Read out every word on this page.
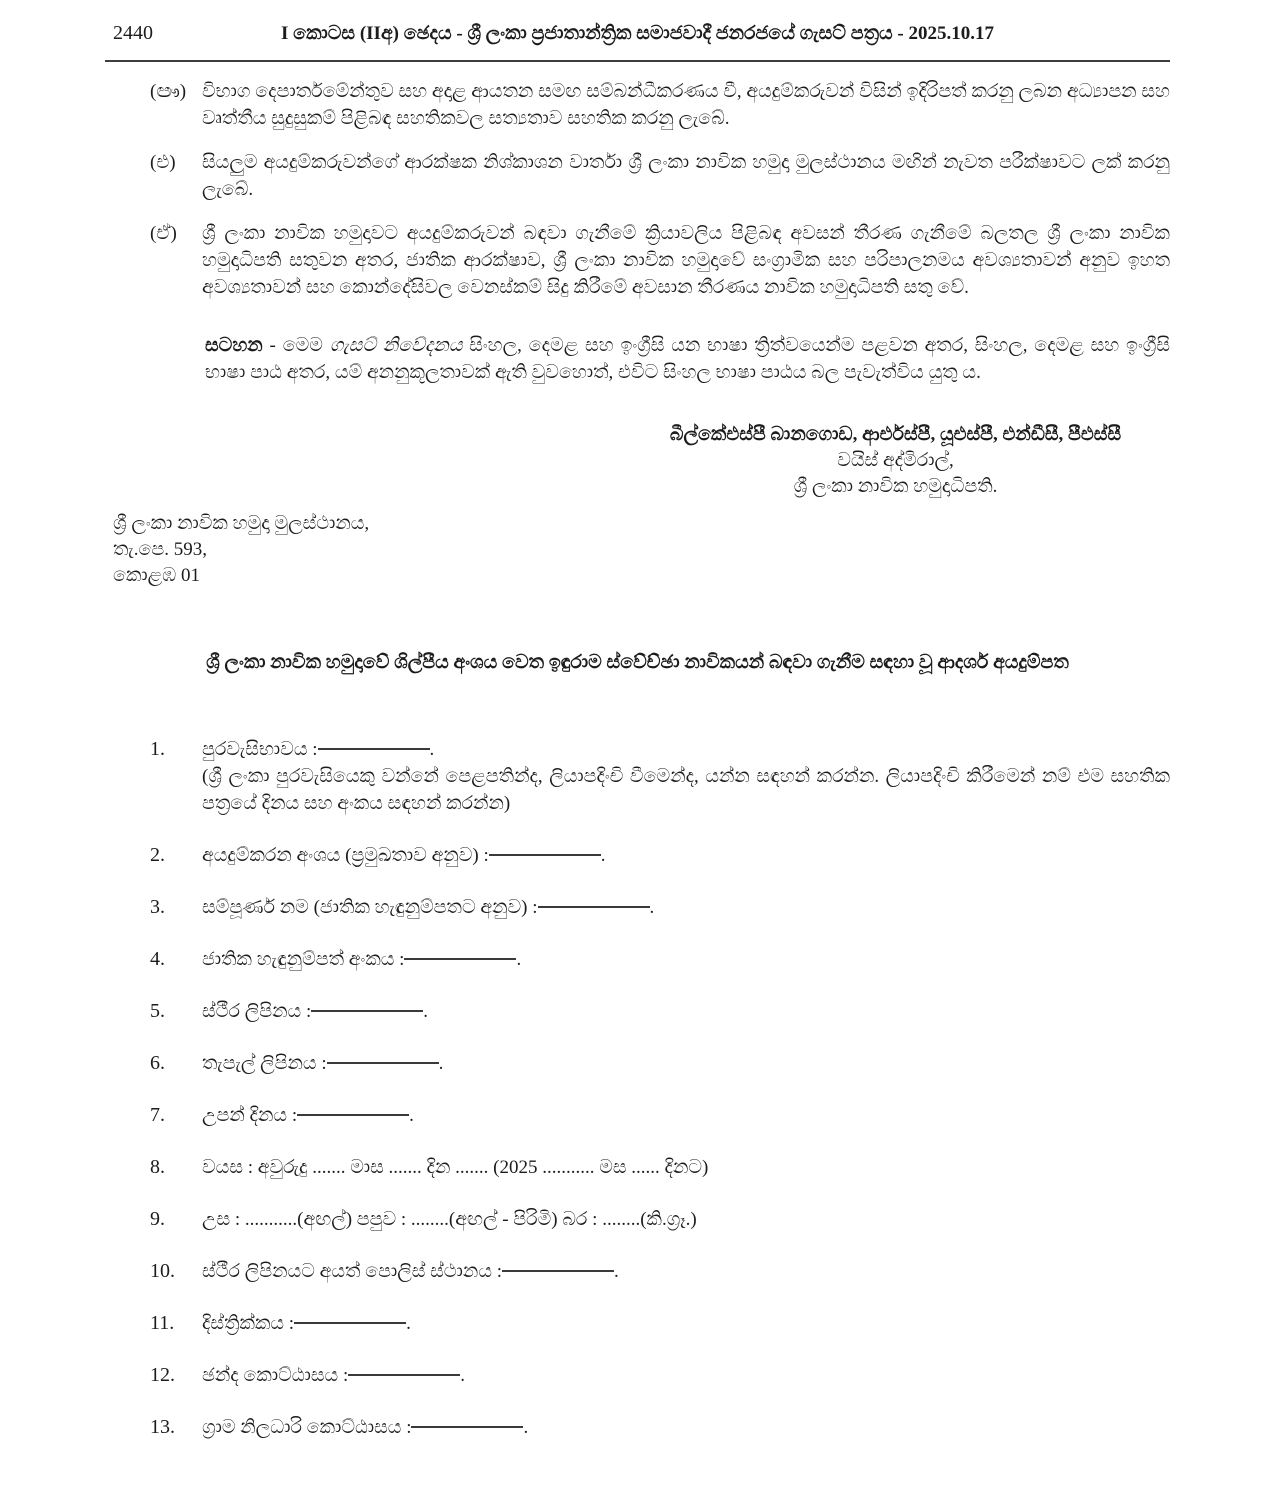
2440	I කොටස (IIඅ) ඡෙදය - ශ්‍රී ලංකා ප්‍රජාතාන්ත්‍රික සමාජවාදී ජනරජයේ ගැසට් පත්‍රය - 2025.10.17
(ඐ) විභාග දෙපාර්තමේන්තුව සහ අදාළ ආයතන සමඟ සම්බන්ධීකරණය වී, අයදුම්කරුවන් විසින් ඉදිරිපත් කරනු ලබන අධ්‍යාපන සහ වෘත්තීය සුදුසුකම් පිළිබඳ සහතිකවල සත්‍යතාව සහතික කරනු ලැබේ.
(එ)	සියලුම අයදුම්කරුවන්ගේ ආරක්ෂක නිශ්කාශන වාර්තා ශ්‍රී ලංකා නාවික හමුදා මුලස්ථානය මඟින් නැවත පරීක්ෂාවට ලක් කරනු ලැබේ.
(ඒ)	ශ්‍රී ලංකා නාවික හමුදාවට අයදුම්කරුවන් බඳවා ගැනීමේ ක්‍රියාවලිය පිළිබඳ අවසන් තීරණ ගැනීමේ බලතල ශ්‍රී ලංකා නාවික හමුදාධිපති සතුවන අතර, ජාතික ආරක්ෂාව, ශ්‍රී ලංකා නාවික හමුදාවේ සංග්‍රාමික සහ පරිපාලනමය අවශ්‍යතාවන් අනුව ඉහත අවශ්‍යතාවන් සහ කොන්දේසිවල වෙනස්කම් සිදු කිරීමේ අවසාන තීරණය නාවික හමුදාධිපති සතු වේ.

සටහන - මෙම ගැසට් නිවේදනය සිංහල, දෙමළ සහ ඉංග්‍රීසි යන භාෂා ත්‍රිත්වයෙන්ම පළවන අතර, සිංහල, දෙමළ සහ ඉංග්‍රීසි භාෂා පාඨ අතර, යම් අනනුකූලතාවක් ඇති වුවහොත්, එවිට සිංහල භාෂා පාඨය බල පැවැත්විය යුතු ය.

බීල්කේඑස්පී බානගොඩ, ආර්එස්පී, යූඑස්පී, එන්ඩීසී, පීඑස්සී
වයිස් අද්මිරාල්,
ශ්‍රී ලංකා නාවික හමුදාධිපති.
ශ්‍රී ලංකා නාවික හමුදා මුලස්ථානය,
තැ.පෙ. 593,
කොළඹ 01
ශ්‍රී ලංකා නාවික හමුදාවේ ශිල්පීය අංශය වෙත ඉඳුරාම ස්වේච්ඡා නාවිකයන් බඳවා ගැනීම සඳහා වූ ආදර්ශ අයදුම්පත
1.	පුරවැසිභාවය :	.
(ශ්‍රී ලංකා පුරවැසියෙකු වන්නේ පෙළපතින්ද, ලියාපදිංචි වීමෙන්ද, යන්න සඳහන් කරන්න. ලියාපදිංචි කිරීමෙන් නම් එම සහතික පත්‍රයේ දිනය සහ අංකය සඳහන් කරන්න)
2.	අයදුම්කරන අංශය (ප්‍රමුඛතාව අනුව) :	.
3.	සම්පූර්ණ නම (ජාතික හැඳුනුම්පතට අනුව) :	.
4.	ජාතික හැඳුනුම්පත් අංකය :	.
5.	ස්ථීර ලිපිනය :	.
6.	තැපැල් ලිපිනය :	.
7.	උපන් දිනය :	.
8.	වයස : අවුරුදු ....... මාස ....... දින ....... (2025 ........... මස ...... දිනට)
9.	උස : ...........(අඟල්) පපුව : ........(අඟල් - පිරිමි) බර : ........(කි.ග්‍රෑ.)
10.	ස්ථීර ලිපිනයට අයත් පොලිස් ස්ථානය :	.
11.	දිස්ත්‍රික්කය :	.
12.	ඡන්ද කොට්ඨාසය :	.
13.	ග්‍රාම නිලධාරි කොට්ඨාසය :	.
